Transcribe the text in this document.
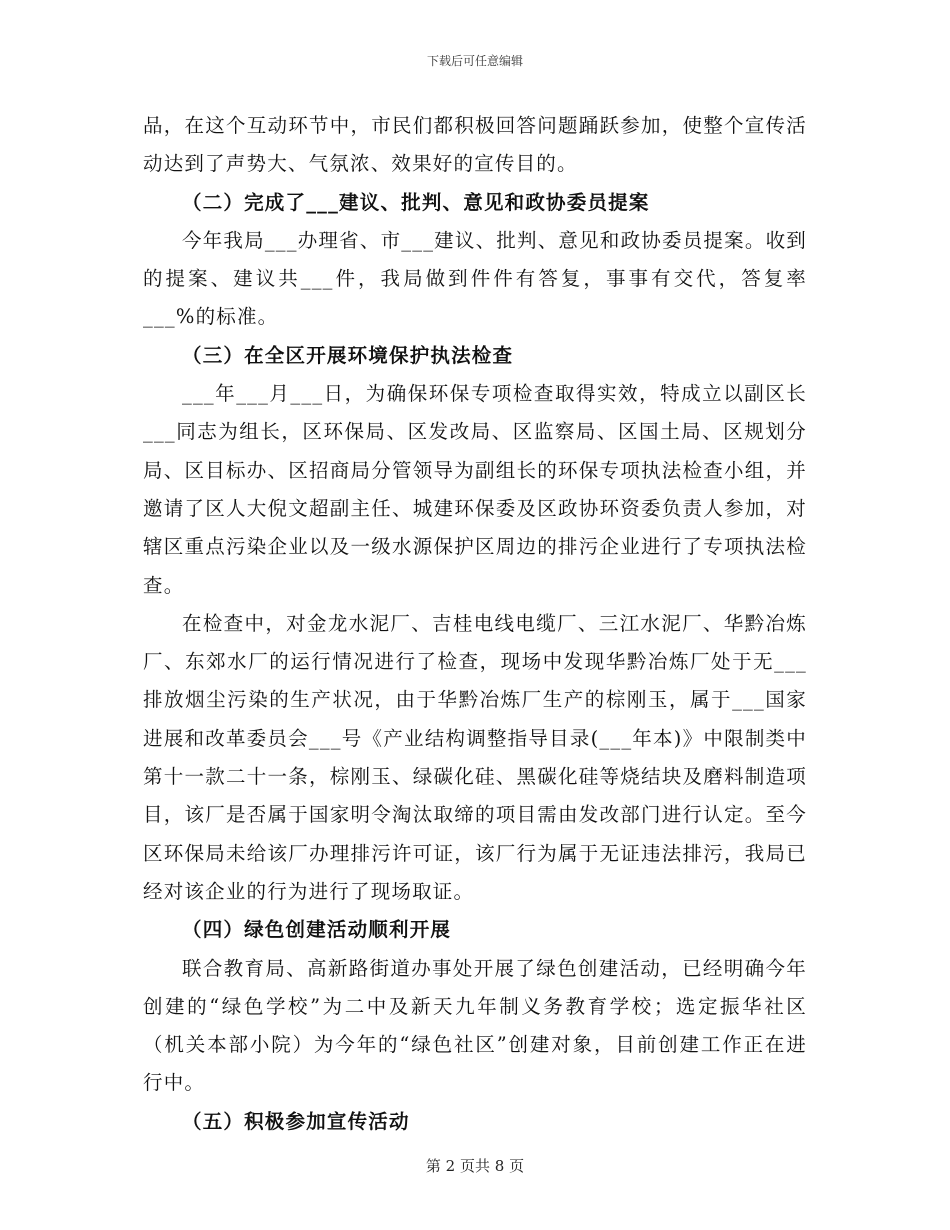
下载后可任意编辑

品，在这个互动环节中，市民们都积极回答问题踊跃参加，使整个宣传活动达到了声势大、气氛浓、效果好的宣传目的。

（二）完成了___建议、批判、意见和政协委员提案

今年我局___办理省、市___建议、批判、意见和政协委员提案。收到的提案、建议共___件，我局做到件件有答复，事事有交代，答复率___%的标准。

（三）在全区开展环境保护执法检查

___年___月___日，为确保环保专项检查取得实效，特成立以副区长___同志为组长，区环保局、区发改局、区监察局、区国土局、区规划分局、区目标办、区招商局分管领导为副组长的环保专项执法检查小组，并邀请了区人大倪文超副主任、城建环保委及区政协环资委负责人参加，对辖区重点污染企业以及一级水源保护区周边的排污企业进行了专项执法检查。

在检查中，对金龙水泥厂、吉桂电线电缆厂、三江水泥厂、华黔冶炼厂、东郊水厂的运行情况进行了检查，现场中发现华黔冶炼厂处于无___排放烟尘污染的生产状况，由于华黔冶炼厂生产的棕刚玉，属于___国家进展和改革委员会___号《产业结构调整指导目录(___年本)》中限制类中第十一款二十一条，棕刚玉、绿碳化硅、黑碳化硅等烧结块及磨料制造项目，该厂是否属于国家明令淘汰取缔的项目需由发改部门进行认定。至今区环保局未给该厂办理排污许可证，该厂行为属于无证违法排污，我局已经对该企业的行为进行了现场取证。

（四）绿色创建活动顺利开展

联合教育局、高新路街道办事处开展了绿色创建活动，已经明确今年创建的“绿色学校”为二中及新天九年制义务教育学校；选定振华社区（机关本部小院）为今年的“绿色社区”创建对象，目前创建工作正在进行中。

（五）积极参加宣传活动
第 2 页共 8 页
